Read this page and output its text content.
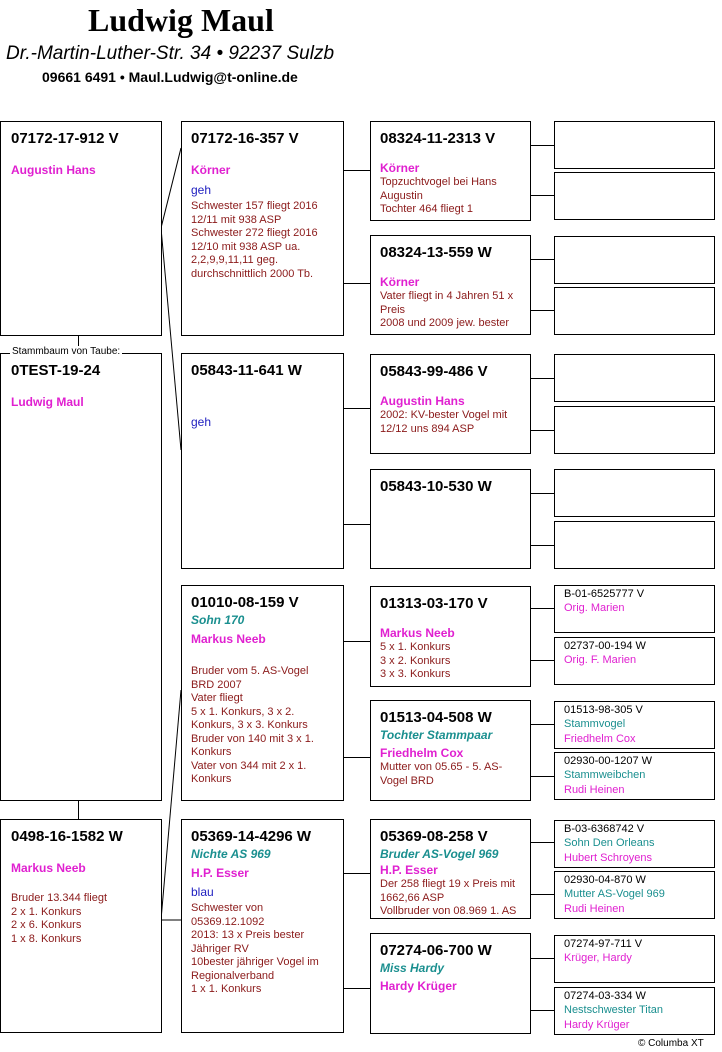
Ludwig Maul
Dr.-Martin-Luther-Str. 34 • 92237 Sulzb
09661 6491 • Maul.Ludwig@t-online.de
07172-17-912 V
Augustin Hans
0TEST-19-24
Ludwig Maul
Stammbaum von Taube:
0498-16-1582 W
Markus Neeb
Bruder 13.344 fliegt
2 x 1. Konkurs
2 x 6. Konkurs
1 x 8. Konkurs
07172-16-357 V
Körner
geh
Schwester 157 fliegt 2016
12/11 mit 938 ASP
Schwester 272 fliegt 2016
12/10 mit 938 ASP ua.
2,2,9,9,11,11 geg.
durchschnittlich 2000 Tb.
05843-11-641 W
geh
01010-08-159 V
Sohn 170
Markus Neeb
Bruder vom 5. AS-Vogel
BRD 2007
Vater fliegt
5 x 1. Konkurs, 3 x 2.
Konkurs, 3 x 3. Konkurs
Bruder von 140 mit 3 x 1.
Konkurs
Vater von 344 mit 2 x 1.
Konkurs
05369-14-4296 W
Nichte AS 969
H.P. Esser
blau
Schwester von
05369.12.1092
2013: 13 x Preis bester
Jähriger RV
10bester jähriger Vogel im
Regionalverband
1 x 1. Konkurs
08324-11-2313 V
Körner
Topzuchtvogel bei Hans
Augustin
Tochter 464 fliegt 1
08324-13-559 W
Körner
Vater fliegt in 4 Jahren 51 x
Preis
2008 und 2009 jew. bester
05843-99-486 V
Augustin Hans
2002: KV-bester Vogel mit
12/12 uns 894 ASP
05843-10-530 W
01313-03-170 V
Markus Neeb
5 x 1. Konkurs
3 x 2. Konkurs
3 x 3. Konkurs
01513-04-508 W
Tochter Stammpaar
Friedhelm Cox
Mutter von 05.65 - 5. AS-
Vogel BRD
05369-08-258 V
Bruder AS-Vogel 969
H.P. Esser
Der 258 fliegt 19 x Preis mit
1662,66 ASP
Vollbruder von 08.969 1. AS
07274-06-700 W
Miss Hardy
Hardy Krüger
B-01-6525777 V
Orig. Marien
02737-00-194 W
Orig. F. Marien
01513-98-305 V
Stammvogel
Friedhelm Cox
02930-00-1207 W
Stammweibchen
Rudi Heinen
B-03-6368742 V
Sohn Den Orleans
Hubert Schroyens
02930-04-870 W
Mutter AS-Vogel 969
Rudi Heinen
07274-97-711 V
Krüger, Hardy
07274-03-334 W
Nestschwester Titan
Hardy Krüger
© Columba XT
